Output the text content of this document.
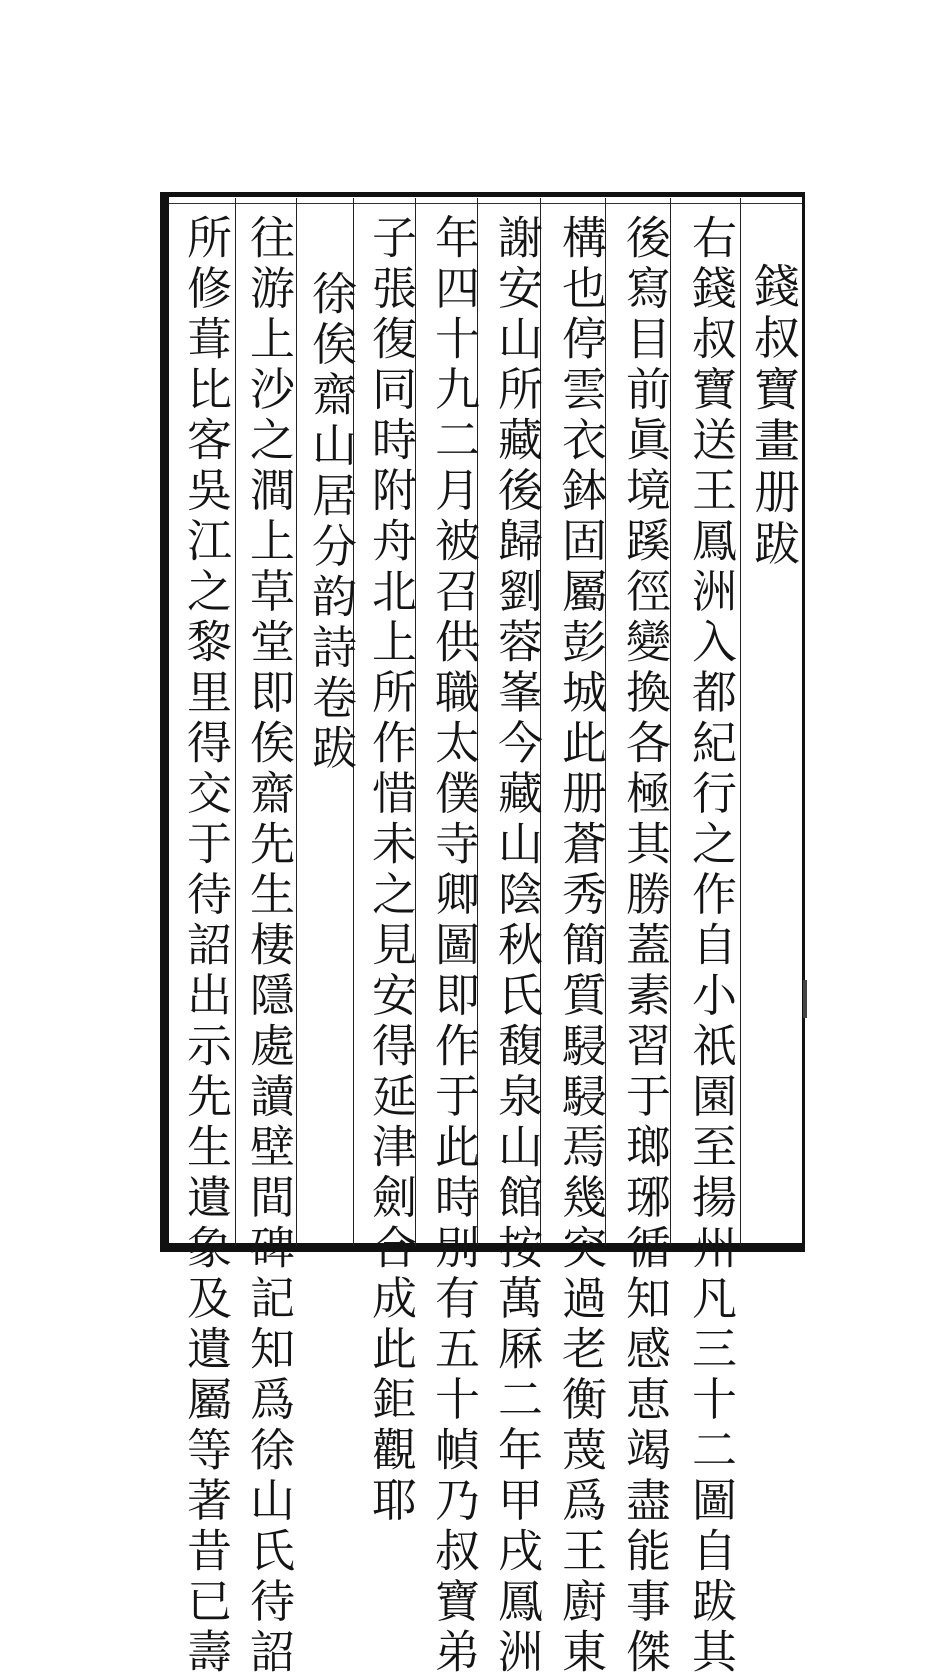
錢叔寶畫册跋
右錢叔寶送王鳳洲入都紀行之作自小祇園至揚州凡三十二圖自跋其
後寫目前眞境蹊徑變換各極其勝蓋素習于瑯琊循知感恵竭盡能事傑
構也停雲衣鉢固屬彭城此册蒼秀簡質駸駸焉幾突過老衡蔑爲王廚東
謝安山所藏後歸劉蓉峯今藏山陰秋氏馥泉山館按萬厤二年甲戌鳳洲
年四十九二月被召供職太僕寺卿圖即作于此時別有五十幀乃叔寶弟
子張復同時附舟北上所作惜未之見安得延津劍合成此鉅觀耶
徐俟齋山居分韵詩卷跋
往游上沙之澗上草堂即俟齋先生棲隱處讀壁間碑記知爲徐山氏待詔
所修葺比客吳江之黎里得交于待詔出示先生遺象及遺屬等著昔已壽
